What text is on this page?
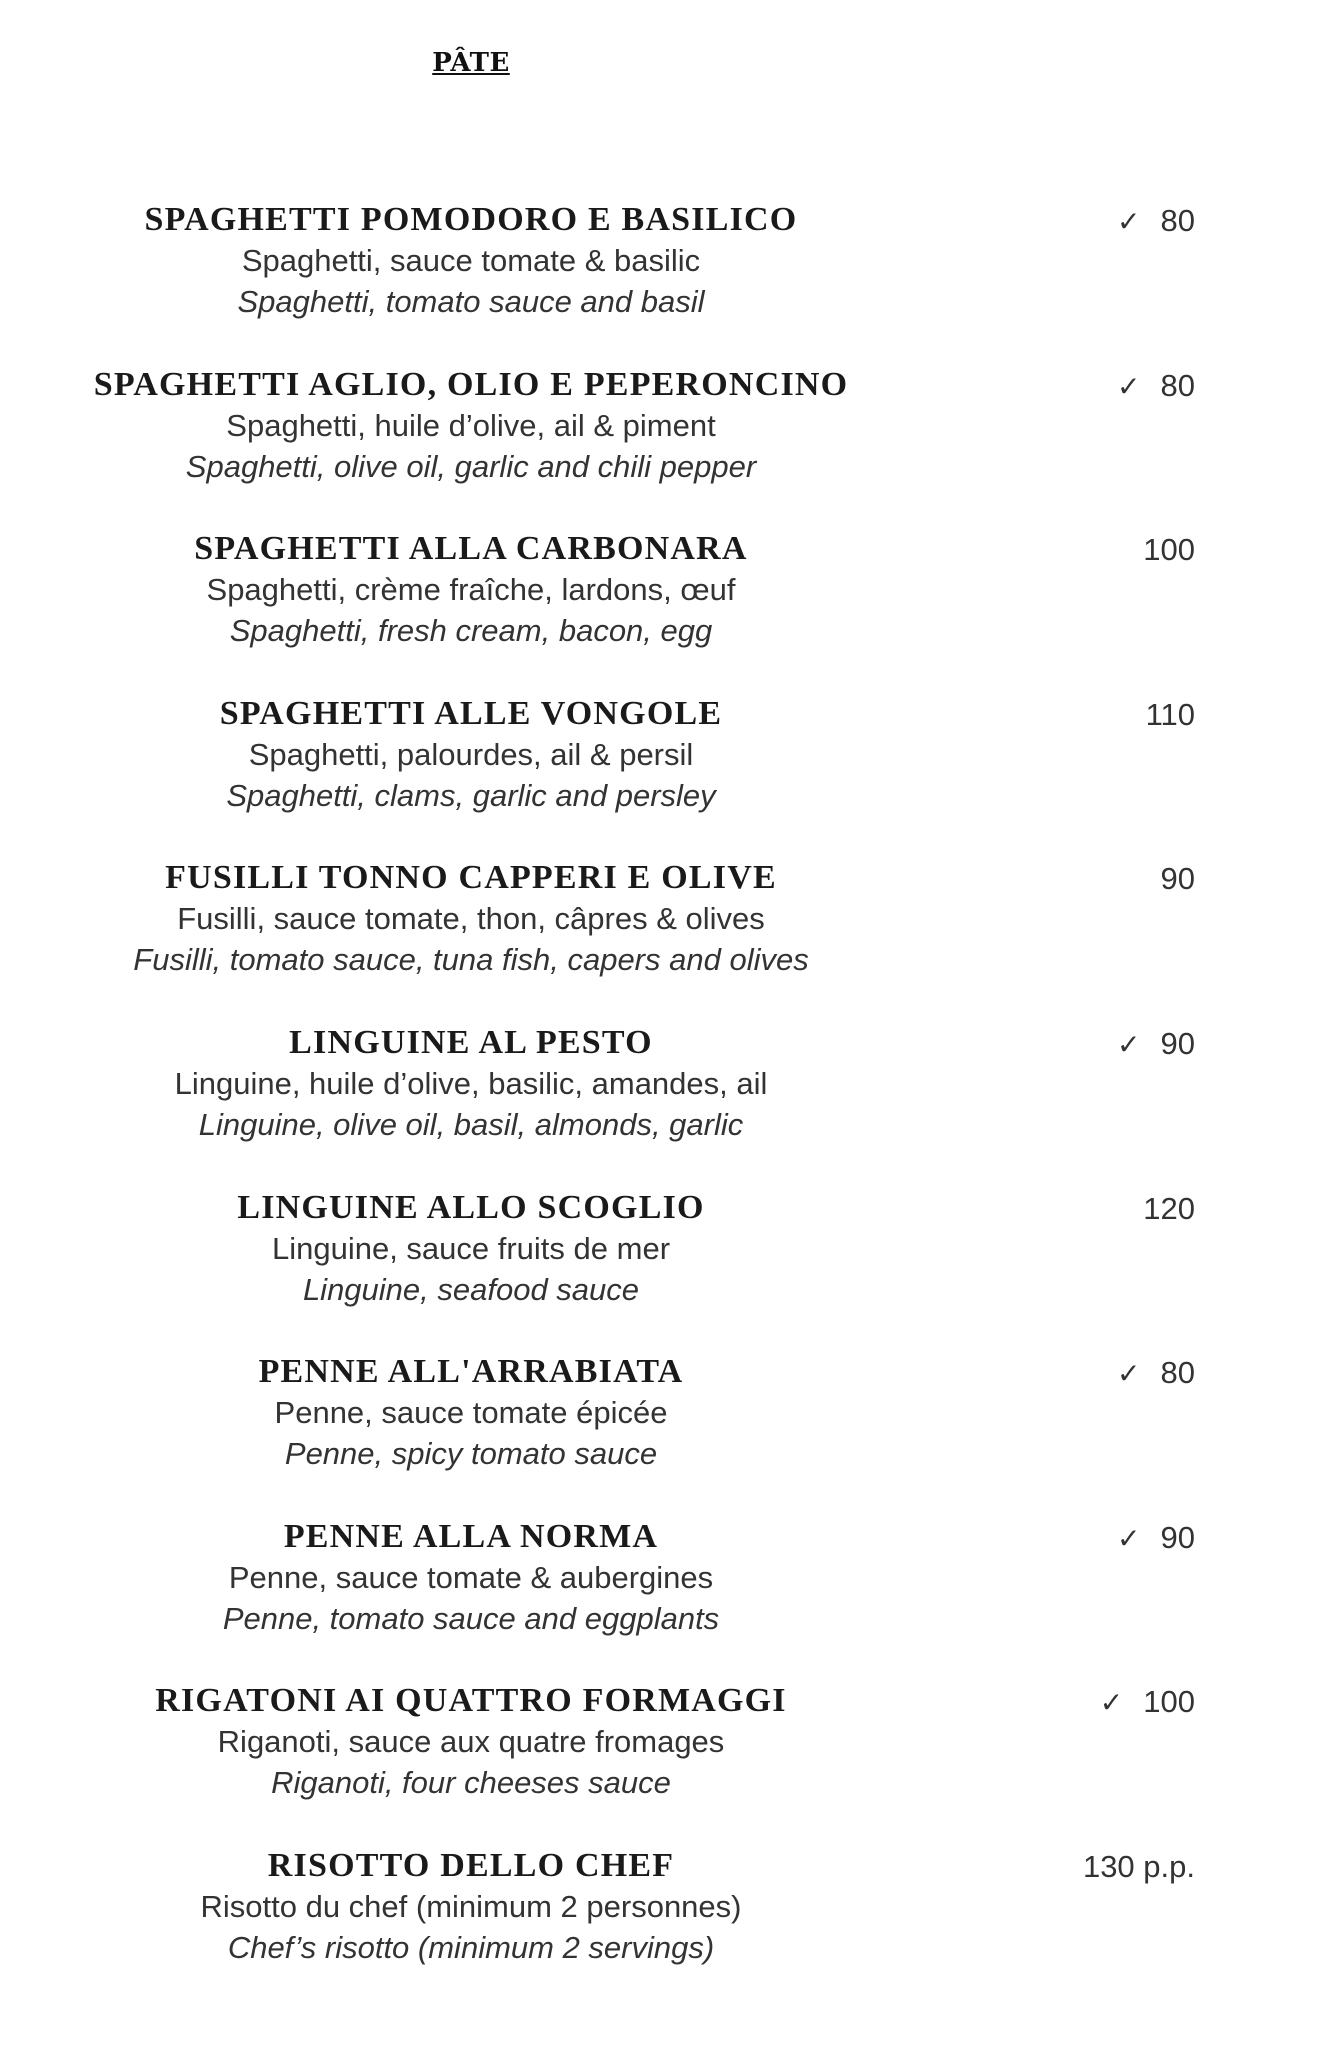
PÂTE
SPAGHETTI POMODORO E BASILICO
Spaghetti, sauce tomate & basilic
Spaghetti, tomato sauce and basil
✓ 80
SPAGHETTI AGLIO, OLIO E PEPERONCINO
Spaghetti, huile d’olive, ail & piment
Spaghetti, olive oil, garlic and chili pepper
✓ 80
SPAGHETTI ALLA CARBONARA
Spaghetti, crème fraîche, lardons, œuf
Spaghetti, fresh cream, bacon, egg
100
SPAGHETTI ALLE VONGOLE
Spaghetti, palourdes, ail & persil
Spaghetti, clams, garlic and persley
110
FUSILLI TONNO CAPPERI E OLIVE
Fusilli, sauce tomate, thon, câpres & olives
Fusilli, tomato sauce, tuna fish, capers and olives
90
LINGUINE AL PESTO
Linguine, huile d’olive, basilic, amandes, ail
Linguine, olive oil, basil, almonds, garlic
✓ 90
LINGUINE ALLO SCOGLIO
Linguine, sauce fruits de mer
Linguine, seafood sauce
120
PENNE ALL'ARRABIATA
Penne, sauce tomate épicée
Penne, spicy tomato sauce
✓ 80
PENNE ALLA NORMA
Penne, sauce tomate & aubergines
Penne, tomato sauce and eggplants
✓ 90
RIGATONI AI QUATTRO FORMAGGI
Riganoti, sauce aux quatre fromages
Riganoti, four cheeses sauce
✓ 100
RISOTTO DELLO CHEF
Risotto du chef (minimum 2 personnes)
Chef’s risotto (minimum 2 servings)
130 p.p.
